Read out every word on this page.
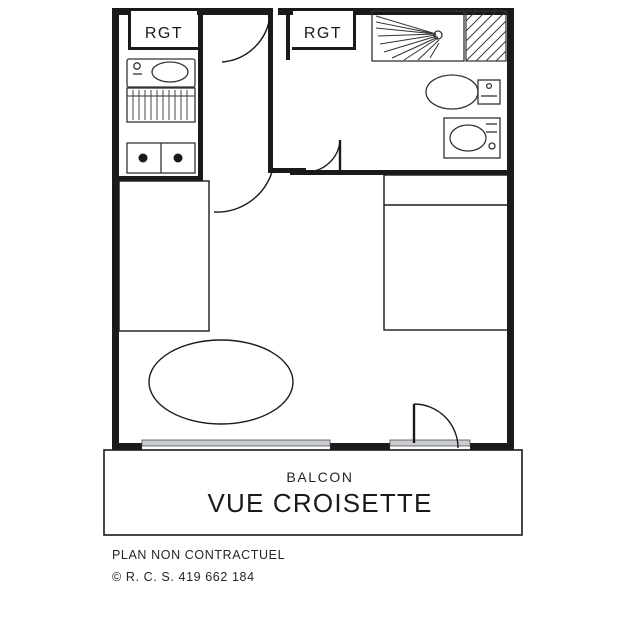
RGT	RGT
BALCON
VUE CROISETTE

PLAN NON CONTRACTUEL

© R. C. S. 419 662 184
